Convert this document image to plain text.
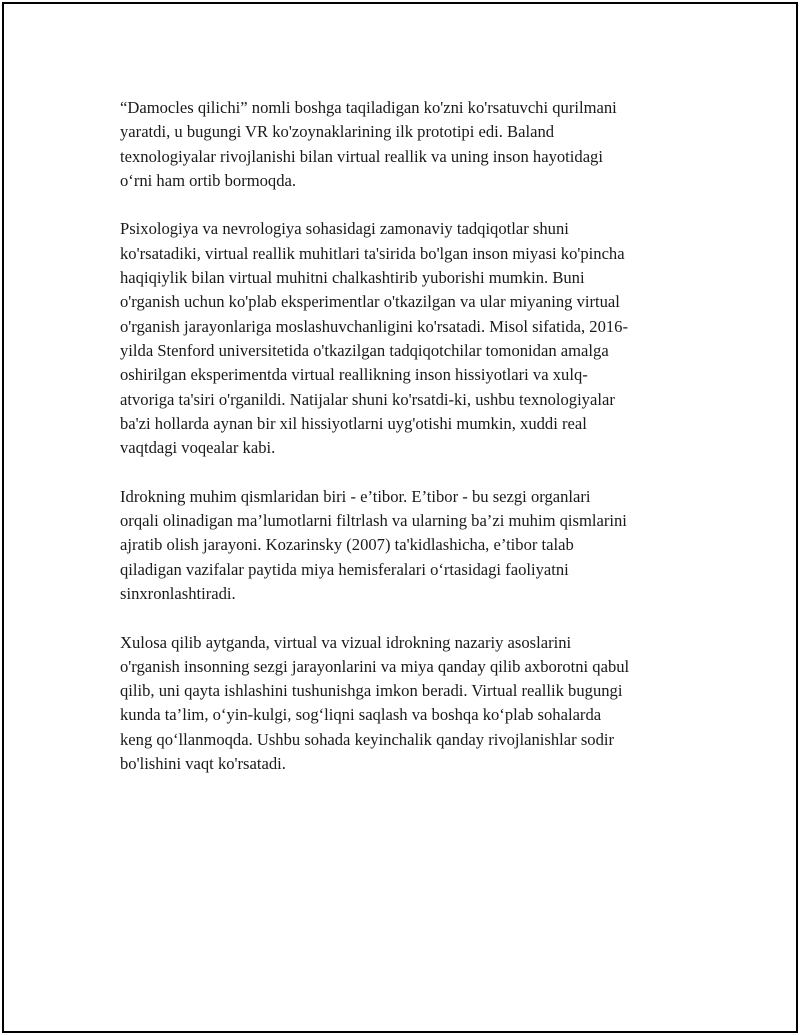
“Damocles qilichi” nomli boshga taqiladigan ko'zni ko'rsatuvchi qurilmani
yaratdi, u bugungi VR ko'zoynaklarining ilk prototipi edi. Baland
texnologiyalar rivojlanishi bilan virtual reallik va uning inson hayotidagi
o‘rni ham ortib bormoqda.

Psixologiya va nevrologiya sohasidagi zamonaviy tadqiqotlar shuni
ko'rsatadiki, virtual reallik muhitlari ta'sirida bo'lgan inson miyasi ko'pincha
haqiqiylik bilan virtual muhitni chalkashtirib yuborishi mumkin. Buni
o'rganish uchun ko'plab eksperimentlar o'tkazilgan va ular miyaning virtual
o'rganish jarayonlariga moslashuvchanligini ko'rsatadi. Misol sifatida, 2016-
yilda Stenford universitetida o'tkazilgan tadqiqotchilar tomonidan amalga
oshirilgan eksperimentda virtual reallikning inson hissiyotlari va xulq-
atvoriga ta'siri o'rganildi. Natijalar shuni ko'rsatdi-ki, ushbu texnologiyalar
ba'zi hollarda aynan bir xil hissiyotlarni uyg'otishi mumkin, xuddi real
vaqtdagi voqealar kabi.

Idrokning muhim qismlaridan biri - e’tibor. E’tibor - bu sezgi organlari
orqali olinadigan ma’lumotlarni filtrlash va ularning ba’zi muhim qismlarini
ajratib olish jarayoni. Kozarinsky (2007) ta'kidlashicha, e’tibor talab
qiladigan vazifalar paytida miya hemisferalari o‘rtasidagi faoliyatni
sinxronlashtiradi.

Xulosa qilib aytganda, virtual va vizual idrokning nazariy asoslarini
o'rganish insonning sezgi jarayonlarini va miya qanday qilib axborotni qabul
qilib, uni qayta ishlashini tushunishga imkon beradi. Virtual reallik bugungi
kunda ta’lim, o‘yin-kulgi, sog‘liqni saqlash va boshqa ko‘plab sohalarda
keng qo‘llanmoqda. Ushbu sohada keyinchalik qanday rivojlanishlar sodir
bo'lishini vaqt ko'rsatadi.
